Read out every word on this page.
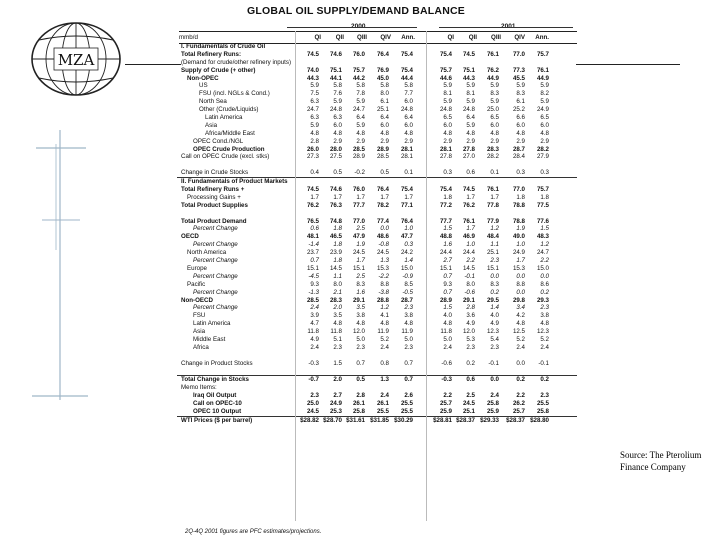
MZA
GLOBAL OIL SUPPLY/DEMAND BALANCE
mmb/d	QI	QII	QIII	QIV	Ann.	QI	QII	QIII	QIV	Ann.
I. Fundamentals of Crude Oil
Total Refinery Runs:	74.5	74.6	76.0	76.4	75.4	75.4	74.5	76.1	77.0	75.7
(Demand for crude/other refinery inputs)
Supply of Crude (+ other)	74.0	75.1	75.7	76.9	75.4	75.7	75.1	76.2	77.3	76.1
Non-OPEC	44.3	44.1	44.2	45.0	44.4	44.6	44.3	44.9	45.5	44.9
US	5.9	5.8	5.8	5.8	5.8	5.9	5.9	5.9	5.9	5.9
FSU (incl. NGLs & Cond.)	7.5	7.6	7.8	8.0	7.7	8.1	8.1	8.3	8.3	8.2
North Sea	6.3	5.9	5.9	6.1	6.0	5.9	5.9	5.9	6.1	5.9
Other (Crude/Liquids)	24.7	24.8	24.7	25.1	24.8	24.8	24.8	25.0	25.2	24.9
Latin America	6.3	6.3	6.4	6.4	6.4	6.5	6.4	6.5	6.6	6.5
Asia	5.9	6.0	5.9	6.0	6.0	6.0	5.9	6.0	6.0	6.0
Africa/Middle East	4.8	4.8	4.8	4.8	4.8	4.8	4.8	4.8	4.8	4.8
OPEC Cond./NGL	2.8	2.9	2.9	2.9	2.9	2.9	2.9	2.9	2.9	2.9
OPEC Crude Production	26.0	28.0	28.5	28.9	28.1	28.1	27.8	28.3	28.7	28.2
Call on OPEC Crude (excl. stks)	27.3	27.5	28.9	28.5	28.1	27.8	27.0	28.2	28.4	27.9
Change in Crude Stocks	0.4	0.5	-0.2	0.5	0.1	0.3	0.6	0.1	0.3	0.3
II. Fundamentals of Product Markets
Total Refinery Runs +	74.5	74.6	76.0	76.4	75.4	75.4	74.5	76.1	77.0	75.7
Processing Gains +	1.7	1.7	1.7	1.7	1.7	1.8	1.7	1.7	1.8	1.8
Total Product Supplies	76.2	76.3	77.7	78.2	77.1	77.2	76.2	77.8	78.8	77.5
Total Product Demand	76.5	74.8	77.0	77.4	76.4	77.7	76.1	77.9	78.8	77.6
Percent Change	0.6	1.8	2.5	0.0	1.0	1.5	1.7	1.2	1.9	1.5
OECD	48.1	46.5	47.9	48.6	47.7	48.8	46.9	48.4	49.0	48.3
Percent Change	-1.4	1.8	1.9	-0.8	0.3	1.6	1.0	1.1	1.0	1.2
North America	23.7	23.9	24.5	24.5	24.2	24.4	24.4	25.1	24.9	24.7
Percent Change	0.7	1.8	1.7	1.3	1.4	2.7	2.2	2.3	1.7	2.2
Europe	15.1	14.5	15.1	15.3	15.0	15.1	14.5	15.1	15.3	15.0
Percent Change	-4.5	1.1	2.5	-2.2	-0.9	0.7	-0.1	0.0	0.0	0.0
Pacific	9.3	8.0	8.3	8.8	8.5	9.3	8.0	8.3	8.8	8.6
Percent Change	-1.3	2.1	1.6	-3.8	-0.5	0.7	-0.6	0.2	0.0	0.2
Non-OECD	28.5	28.3	29.1	28.8	28.7	28.9	29.1	29.5	29.8	29.3
Percent Change	2.4	2.0	3.5	1.2	2.3	1.5	2.8	1.4	3.4	2.3
FSU	3.9	3.5	3.8	4.1	3.8	4.0	3.6	4.0	4.2	3.8
Latin America	4.7	4.8	4.8	4.8	4.8	4.8	4.9	4.9	4.8	4.8
Asia	11.8	11.8	12.0	11.9	11.9	11.8	12.0	12.3	12.5	12.3
Middle East	4.9	5.1	5.0	5.2	5.0	5.0	5.3	5.4	5.2	5.2
Africa	2.4	2.3	2.3	2.4	2.3	2.4	2.3	2.3	2.4	2.4
Change in Product Stocks	-0.3	1.5	0.7	0.8	0.7	-0.6	0.2	-0.1	0.0	-0.1
Total Change in Stocks	-0.7	2.0	0.5	1.3	0.7	-0.3	0.6	0.0	0.2	0.2
Memo Items:
Iraq Oil Output	2.3	2.7	2.8	2.4	2.6	2.2	2.5	2.4	2.2	2.3
Call on OPEC-10	25.0	24.9	26.1	26.1	25.5	25.7	24.5	25.8	26.2	25.5
OPEC 10 Output	24.5	25.3	25.8	25.5	25.5	25.9	25.1	25.9	25.7	25.8
WTI Prices ($ per barrel)	$28.82 $28.70 $31.61 $31.85 $30.29	$28.81 $28.37 $29.33	$28.37 $28.80
2Q-4Q 2001 figures are PFC estimates/projections.
Source: The Pterolium Finance Company
